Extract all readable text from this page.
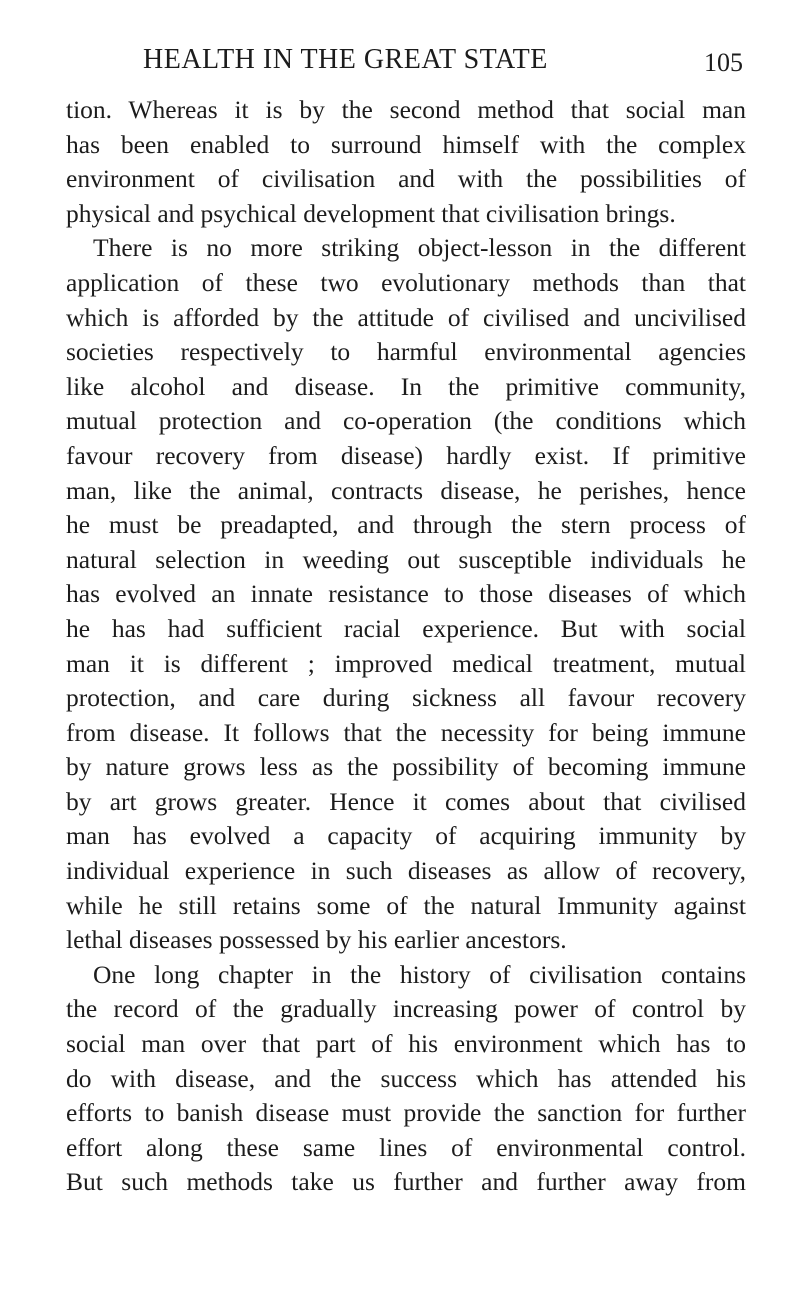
HEALTH IN THE GREAT STATE	105
tion. Whereas it is by the second method that social man
has been enabled to surround himself with the complex
environment of civilisation and with the possibilities of
physical and psychical development that civilisation brings.
There is no more striking object-lesson in the different
application of these two evolutionary methods than that
which is afforded by the attitude of civilised and uncivilised
societies respectively to harmful environmental agencies
like alcohol and disease. In the primitive community,
mutual protection and co-operation (the conditions which
favour recovery from disease) hardly exist. If primitive
man, like the animal, contracts disease, he perishes, hence
he must be preadapted, and through the stern process of
natural selection in weeding out susceptible individuals he
has evolved an innate resistance to those diseases of which
he has had sufficient racial experience. But with social
man it is different ; improved medical treatment, mutual
protection, and care during sickness all favour recovery
from disease. It follows that the necessity for being immune
by nature grows less as the possibility of becoming immune
by art grows greater. Hence it comes about that civilised
man has evolved a capacity of acquiring immunity by
individual experience in such diseases as allow of recovery,
while he still retains some of the natural Immunity against
lethal diseases possessed by his earlier ancestors.
One long chapter in the history of civilisation contains
the record of the gradually increasing power of control by
social man over that part of his environment which has to
do with disease, and the success which has attended his
efforts to banish disease must provide the sanction for further
effort along these same lines of environmental control.
But such methods take us further and further away from
